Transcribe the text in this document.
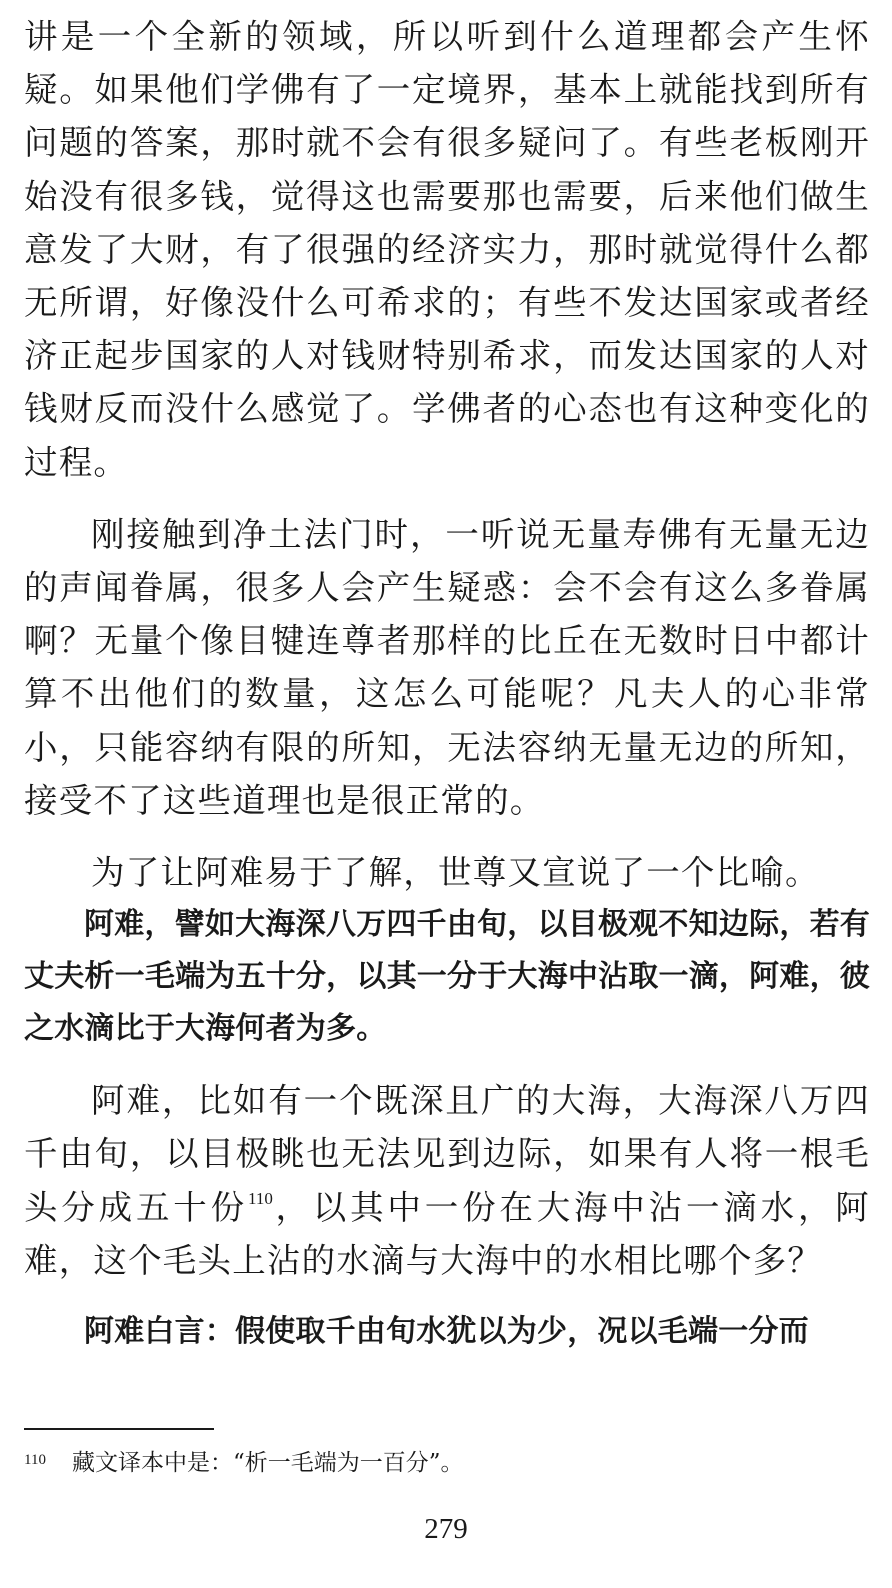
讲是一个全新的领域，所以听到什么道理都会产生怀疑。如果他们学佛有了一定境界，基本上就能找到所有问题的答案，那时就不会有很多疑问了。有些老板刚开始没有很多钱，觉得这也需要那也需要，后来他们做生意发了大财，有了很强的经济实力，那时就觉得什么都无所谓，好像没什么可希求的；有些不发达国家或者经济正起步国家的人对钱财特别希求，而发达国家的人对钱财反而没什么感觉了。学佛者的心态也有这种变化的过程。

刚接触到净土法门时，一听说无量寿佛有无量无边的声闻眷属，很多人会产生疑惑：会不会有这么多眷属啊？无量个像目犍连尊者那样的比丘在无数时日中都计算不出他们的数量，这怎么可能呢？凡夫人的心非常小，只能容纳有限的所知，无法容纳无量无边的所知，接受不了这些道理也是很正常的。

为了让阿难易于了解，世尊又宣说了一个比喻。

阿难，譬如大海深八万四千由旬，以目极观不知边际，若有丈夫析一毛端为五十分，以其一分于大海中沾取一滴，阿难，彼之水滴比于大海何者为多。

阿难，比如有一个既深且广的大海，大海深八万四千由旬，以目极眺也无法见到边际，如果有人将一根毛头分成五十份$^{110}$，以其中一份在大海中沾一滴水，阿难，这个毛头上沾的水滴与大海中的水相比哪个多？

阿难白言：假使取千由旬水犹以为少，况以毛端一分而

110 藏文译本中是：“析一毛端为一百分”。
279
